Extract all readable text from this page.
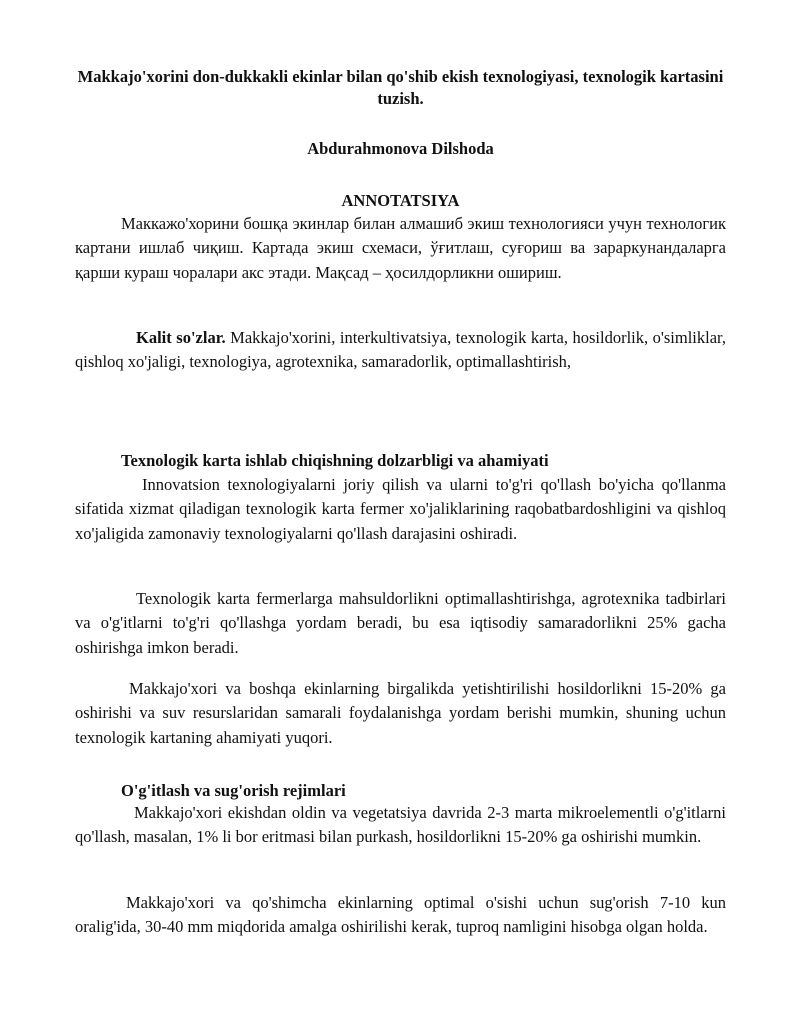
Makkajo'xorini don-dukkakli ekinlar bilan qo'shib ekish texnologiyasi, texnologik kartasini tuzish.
Abdurahmonova Dilshoda
ANNOTATSIYA

Маккажо'хорини бошқа экинлар билан алмашиб экиш технологияси учун технологик картани ишлаб чиқиш. Картада экиш схемаси, ўғитлаш, суғориш ва зараркунандаларга қарши кураш чоралари акс этади. Мақсад – ҳосилдорликни ошириш.

Kalit so'zlar. Makkajo'xorini, interkultivatsiya, texnologik karta, hosildorlik, o'simliklar, qishloq xo'jaligi, texnologiya, agrotexnika, samaradorlik, optimallashtirish,

Texnologik karta ishlab chiqishning dolzarbligi va ahamiyati

Innovatsion texnologiyalarni joriy qilish va ularni to'g'ri qo'llash bo'yicha qo'llanma sifatida xizmat qiladigan texnologik karta fermer xo'jaliklarining raqobatbardoshligini va qishloq xo'jaligida zamonaviy texnologiyalarni qo'llash darajasini oshiradi.

Texnologik karta fermerlarga mahsuldorlikni optimallashtirishga, agrotexnika tadbirlari va o'g'itlarni to'g'ri qo'llashga yordam beradi, bu esa iqtisodiy samaradorlikni 25% gacha oshirishga imkon beradi.

Makkajo'xori va boshqa ekinlarning birgalikda yetishtirilishi hosildorlikni 15-20% ga oshirishi va suv resurslaridan samarali foydalanishga yordam berishi mumkin, shuning uchun texnologik kartaning ahamiyati yuqori.

O'g'itlash va sug'orish rejimlari

Makkajo'xori ekishdan oldin va vegetatsiya davrida 2-3 marta mikroelementli o'g'itlarni qo'llash, masalan, 1% li bor eritmasi bilan purkash, hosildorlikni 15-20% ga oshirishi mumkin.

Makkajo'xori va qo'shimcha ekinlarning optimal o'sishi uchun sug'orish 7-10 kun oralig'ida, 30-40 mm miqdorida amalga oshirilishi kerak, tuproq namligini hisobga olgan holda.
